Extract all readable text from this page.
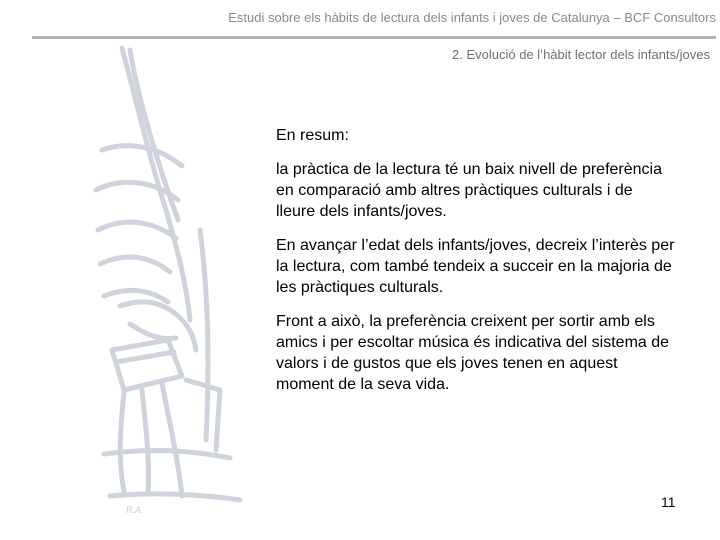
Estudi sobre els hàbits de lectura dels infants i joves de Catalunya – BCF Consultors
2. Evolució de l’hàbit lector dels infants/joves

En resum:

la pràctica de la lectura té un baix nivell de preferència en comparació amb altres pràctiques culturals i de lleure dels infants/joves.

En avançar l’edat dels infants/joves, decreix l’interès per la lectura, com també tendeix a succeir en la majoria de les pràctiques culturals.

Front a això, la preferència creixent per sortir amb els amics i per escoltar música és indicativa del sistema de valors i de gustos que els joves tenen en aquest moment de la seva vida.

R.A.	11
